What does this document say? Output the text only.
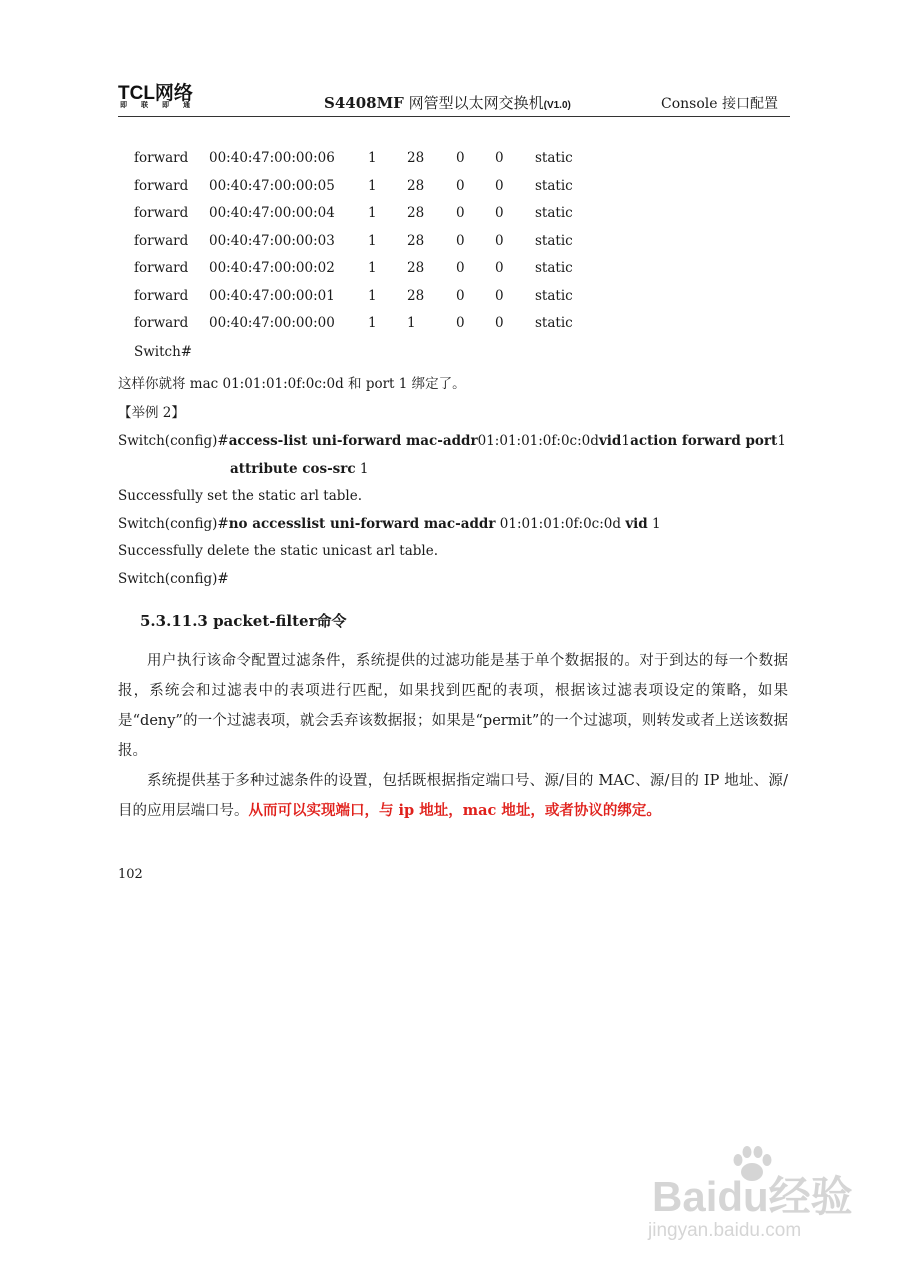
TCL网络
即联即通	S4408MF 网管型以太网交换机(V1.0)	Console 接口配置
forward 00:40:47:00:00:06 1 28 0 0 static
forward 00:40:47:00:00:05 1 28 0 0 static
forward 00:40:47:00:00:04 1 28 0 0 static
forward 00:40:47:00:00:03 1 28 0 0 static
forward 00:40:47:00:00:02 1 28 0 0 static
forward 00:40:47:00:00:01 1 28 0 0 static
forward 00:40:47:00:00:00 1 1	0 0 static
Switch#
这样你就将 mac 01:01:01:0f:0c:0d 和 port 1 绑定了。
【举例 2】
Switch(config)#access-list uni-forward mac-addr 01:01:01:0f:0c:0d vid 1 action forward port 1
attribute cos-src 1
Successfully set the static arl table.
Switch(config)#no accesslist uni-forward mac-addr 01:01:01:0f:0c:0d vid 1
Successfully delete the static unicast arl table.
Switch(config)#
5.3.11.3 packet-filter命令

用户执行该命令配置过滤条件，系统提供的过滤功能是基于单个数据报的。对于到达的每一个数据报，系统会和过滤表中的表项进行匹配，如果找到匹配的表项，根据该过滤表项设定的策略，如果是“deny”的一个过滤表项，就会丢弃该数据报；如果是“permit”的一个过滤项，则转发或者上送该数据报。

系统提供基于多种过滤条件的设置，包括既根据指定端口号、源/目的 MAC、源/目的 IP 地址、源/目的应用层端口号。从而可以实现端口，与 ip 地址，mac 地址，或者协议的绑定。

102
Baidu经验
jingyan.baidu.com
